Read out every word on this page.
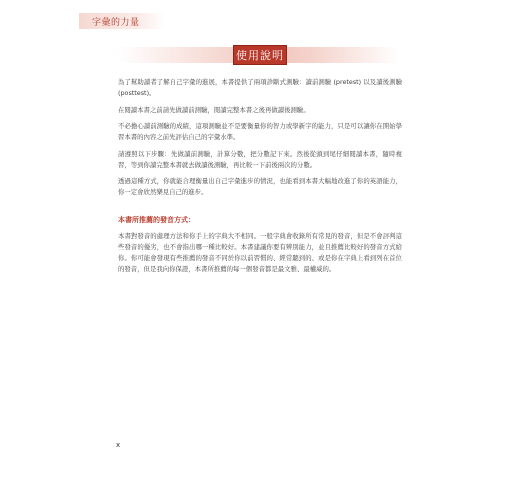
字彙的力量
使用說明

為了幫助讀者了解自己字彙的進展，本書提供了兩項診斷式測驗：讀前測驗 (pretest) 以及讀後測驗 (posttest)。

在閱讀本書之前請先做讀前測驗，閱讀完整本書之後再做讀後測驗。

不必擔心讀前測驗的成績，這項測驗並不是要衡量你的智力或學新字的能力，只是可以讓你在開始學習本書的內容之前先評估自己的字彙水準。

請遵照以下步驟：先做讀前測驗，計算分數，把分數記下來。然後從頭到尾仔細閱讀本書，隨時複習，等到你讀完整本書就去做讀後測驗，再比較一下前後兩次的分數。

透過這種方式，你就能合理衡量出自己字彙進步的情況，也能看到本書大幅地改進了你的英語能力，你一定會欣然樂見自己的進步。

本書所推薦的發音方式：

本書對發音的處理方法和你手上的字典大不相同。一般字典會收錄所有常見的發音，但是不會評判這些發音的優劣，也不會指出哪一種比較好。本書建議你要有辨別能力，並且推薦比較好的發音方式給你。你可能會發現有些推薦的發音不同於你以前習慣的、經常聽到的、或是你在字典上看到列在首位的發音，但是我向你保證，本書所推薦的每一個發音都是最文雅、最權威的。

x
